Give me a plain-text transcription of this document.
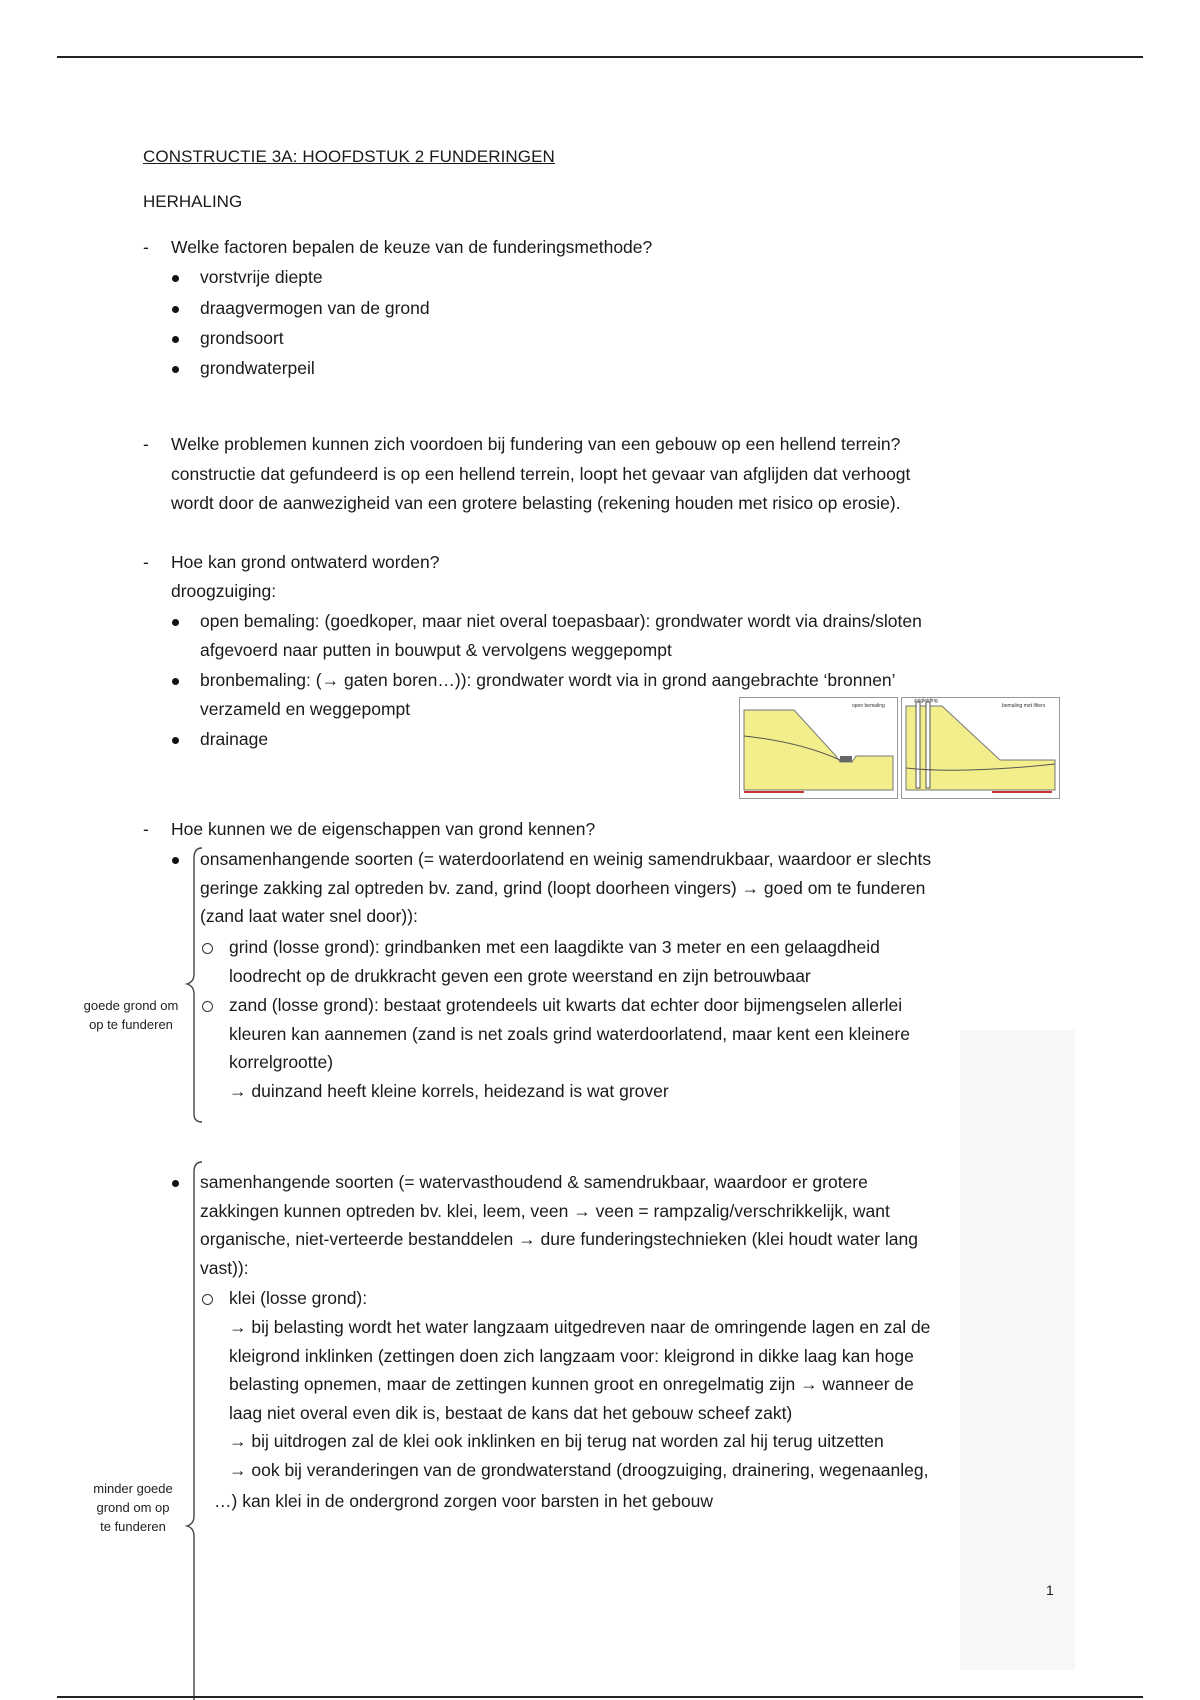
CONSTRUCTIE 3A: HOOFDSTUK 2 FUNDERINGEN
HERHALING
- Welke factoren bepalen de keuze van de funderingsmethode?
vorstvrije diepte
draagvermogen van de grond
grondsoort
grondwaterpeil
- Welke problemen kunnen zich voordoen bij fundering van een gebouw op een hellend terrein?
constructie dat gefundeerd is op een hellend terrein, loopt het gevaar van afglijden dat verhoogt
wordt door de aanwezigheid van een grotere belasting (rekening houden met risico op erosie).
- Hoe kan grond ontwaterd worden?
droogzuiging:
open bemaling: (goedkoper, maar niet overal toepasbaar): grondwater wordt via drains/sloten
afgevoerd naar putten in bouwput & vervolgens weggepompt
bronbemaling: (→ gaten boren…)): grondwater wordt via in grond aangebrachte ‘bronnen’
verzameld en weggepompt
drainage
open bemaling
zuigleiding
bemaling met filters
- Hoe kunnen we de eigenschappen van grond kennen?
goede grond om
op te funderen
onsamenhangende soorten (= waterdoorlatend en weinig samendrukbaar, waardoor er slechts
geringe zakking zal optreden bv. zand, grind (loopt doorheen vingers) → goed om te funderen
(zand laat water snel door)):
grind (losse grond): grindbanken met een laagdikte van 3 meter en een gelaagdheid
loodrecht op de drukkracht geven een grote weerstand en zijn betrouwbaar
zand (losse grond): bestaat grotendeels uit kwarts dat echter door bijmengselen allerlei
kleuren kan aannemen (zand is net zoals grind waterdoorlatend, maar kent een kleinere
korrelgrootte)
→ duinzand heeft kleine korrels, heidezand is wat grover
minder goede
grond om op
te funderen
samenhangende soorten (= watervasthoudend & samendrukbaar, waardoor er grotere
zakkingen kunnen optreden bv. klei, leem, veen → veen = rampzalig/verschrikkelijk, want
organische, niet-verteerde bestanddelen → dure funderingstechnieken (klei houdt water lang
vast)):
klei (losse grond):
→ bij belasting wordt het water langzaam uitgedreven naar de omringende lagen en zal de
kleigrond inklinken (zettingen doen zich langzaam voor: kleigrond in dikke laag kan hoge
belasting opnemen, maar de zettingen kunnen groot en onregelmatig zijn → wanneer de
laag niet overal even dik is, bestaat de kans dat het gebouw scheef zakt)
→ bij uitdrogen zal de klei ook inklinken en bij terug nat worden zal hij terug uitzetten
→ ook bij veranderingen van de grondwaterstand (droogzuiging, drainering, wegenaanleg,
…) kan klei in de ondergrond zorgen voor barsten in het gebouw
1
